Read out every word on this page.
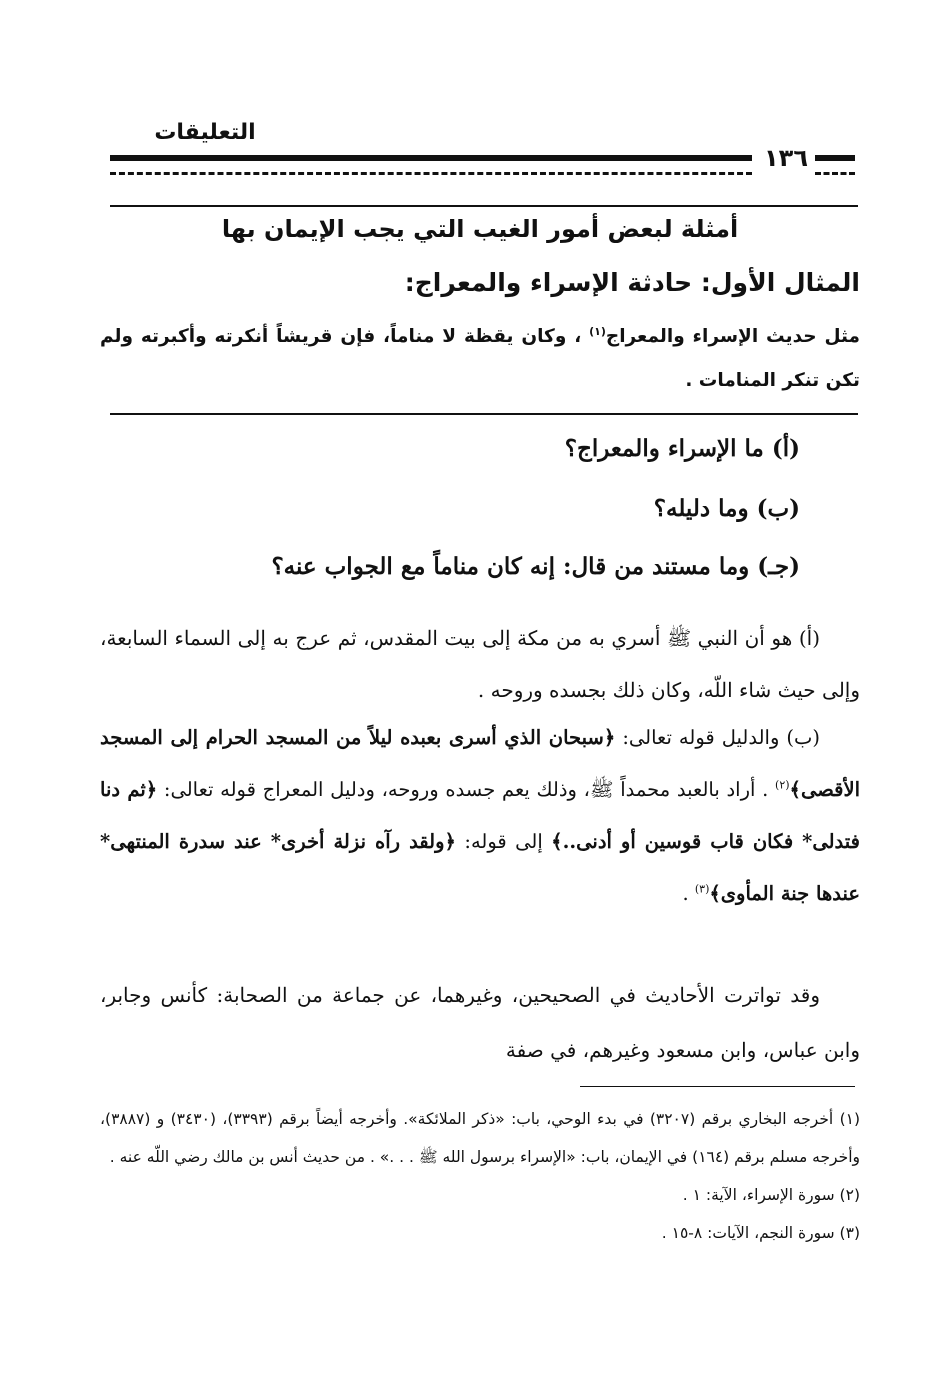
التعليقات
١٣٦
أمثلة لبعض أمور الغيب التي يجب الإيمان بها
المثال الأول: حادثة الإسراء والمعراج:
مثل حديث الإسراء والمعراج$^{(١)}$ ، وكان يقظة لا مناماً، فإن قريشاً أنكرته وأكبرته ولم تكن تنكر المنامات .
(أ) ما الإسراء والمعراج؟
(ب) وما دليله؟
(جـ) وما مستند من قال: إنه كان مناماً مع الجواب عنه؟
(أ) هو أن النبي ﷺ أسري به من مكة إلى بيت المقدس، ثم عرج به إلى السماء السابعة، وإلى حيث شاء اللّه، وكان ذلك بجسده وروحه .
(ب) والدليل قوله تعالى: ﴿سبحان الذي أسرى بعبده ليلاً من المسجد الحرام إلى المسجد الأقصى﴾$^{(٢)}$ . أراد بالعبد محمداً ﷺ، وذلك يعم جسده وروحه، ودليل المعراج قوله تعالى: ﴿ثم دنا فتدلى* فكان قاب قوسين أو أدنى..﴾ إلى قوله: ﴿ولقد رآه نزلة أخرى* عند سدرة المنتهى* عندها جنة المأوى﴾$^{(٣)}$ .
وقد تواترت الأحاديث في الصحيحين، وغيرهما، عن جماعة من الصحابة: كأنس وجابر، وابن عباس، وابن مسعود وغيرهم، في صفة
(١) أخرجه البخاري برقم (٣٢٠٧) في بدء الوحي، باب: «ذكر الملائكة». وأخرجه أيضاً برقم (٣٣٩٣)، (٣٤٣٠) و (٣٨٨٧)، وأخرجه مسلم برقم (١٦٤) في الإيمان، باب: «الإسراء برسول الله ﷺ . . .» . من حديث أنس بن مالك رضي اللّه عنه .
(٢) سورة الإسراء، الآية: ١ .
(٣) سورة النجم، الآيات: ٨-١٥ .
